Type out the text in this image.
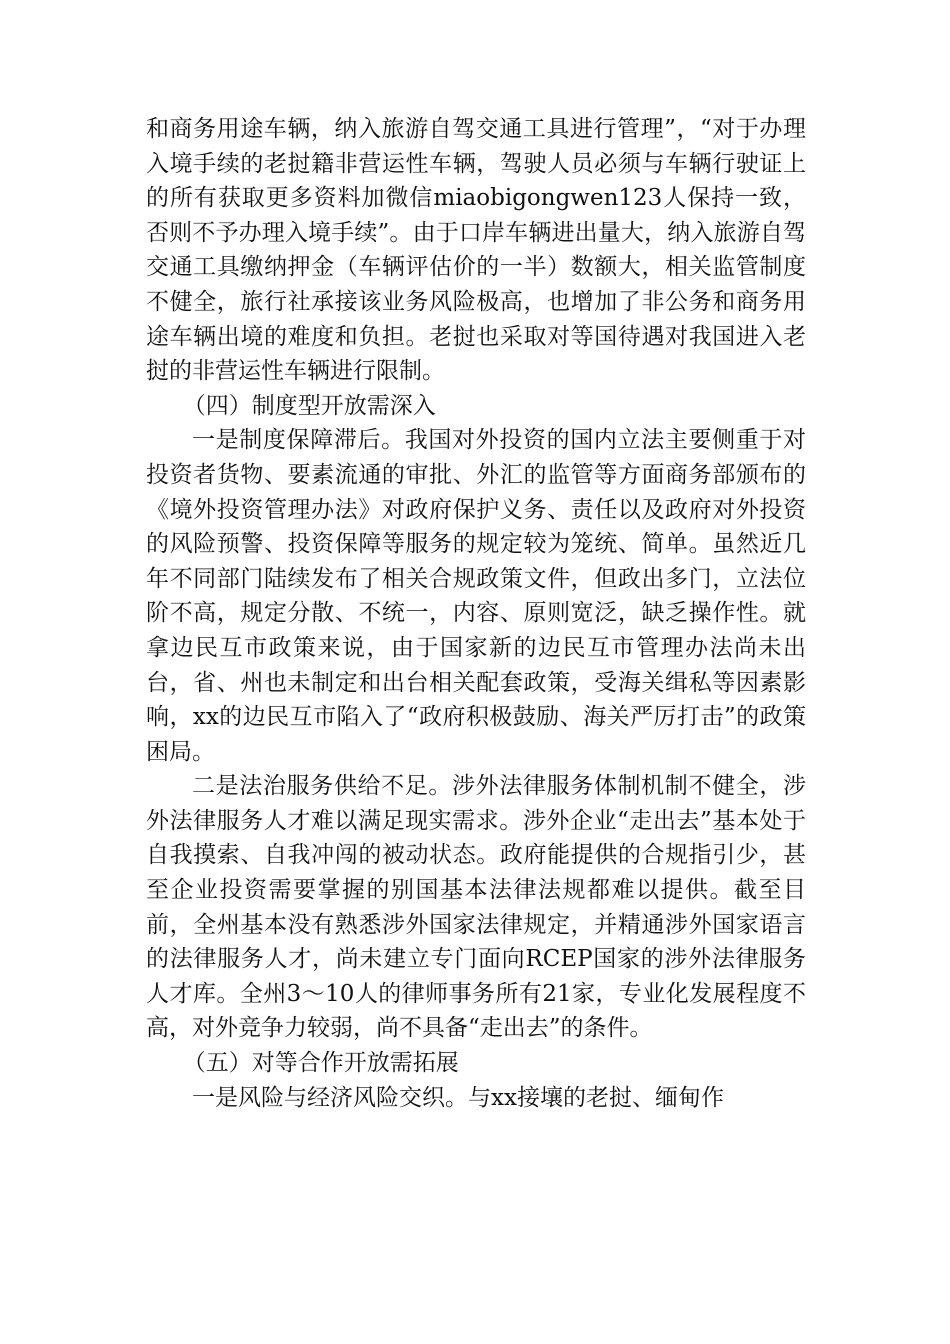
和商务用途车辆，纳入旅游自驾交通工具进行管理”，“对于办理入境手续的老挝籍非营运性车辆，驾驶人员必须与车辆行驶证上的所有获取更多资料加微信miaobigongwen123人保持一致，否则不予办理入境手续”。由于口岸车辆进出量大，纳入旅游自驾交通工具缴纳押金（车辆评估价的一半）数额大，相关监管制度不健全，旅行社承接该业务风险极高，也增加了非公务和商务用途车辆出境的难度和负担。老挝也采取对等国待遇对我国进入老挝的非营运性车辆进行限制。

（四）制度型开放需深入

一是制度保障滞后。我国对外投资的国内立法主要侧重于对投资者货物、要素流通的审批、外汇的监管等方面商务部颁布的《境外投资管理办法》对政府保护义务、责任以及政府对外投资的风险预警、投资保障等服务的规定较为笼统、简单。虽然近几年不同部门陆续发布了相关合规政策文件，但政出多门，立法位阶不高，规定分散、不统一，内容、原则宽泛，缺乏操作性。就拿边民互市政策来说，由于国家新的边民互市管理办法尚未出台，省、州也未制定和出台相关配套政策，受海关缉私等因素影响，xx的边民互市陷入了“政府积极鼓励、海关严厉打击”的政策困局。

二是法治服务供给不足。涉外法律服务体制机制不健全，涉外法律服务人才难以满足现实需求。涉外企业“走出去”基本处于自我摸索、自我冲闯的被动状态。政府能提供的合规指引少，甚至企业投资需要掌握的别国基本法律法规都难以提供。截至目前，全州基本没有熟悉涉外国家法律规定，并精通涉外国家语言的法律服务人才，尚未建立专门面向RCEP国家的涉外法律服务人才库。全州3～10人的律师事务所有21家，专业化发展程度不高，对外竞争力较弱，尚不具备“走出去”的条件。

（五）对等合作开放需拓展

一是风险与经济风险交织。与xx接壤的老挝、缅甸作
